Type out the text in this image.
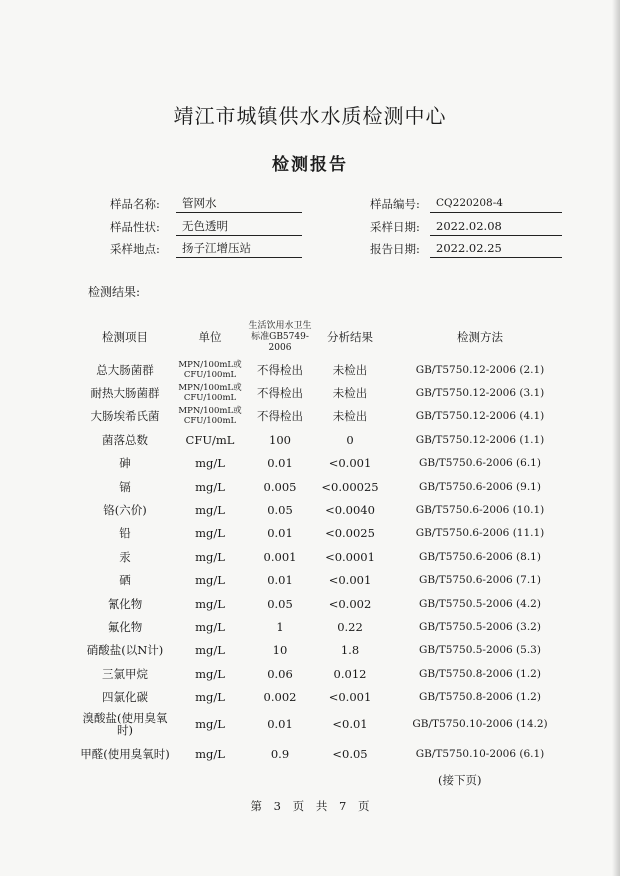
靖江市城镇供水水质检测中心
检测报告
样品名称:	管网水	样品编号:	CQ220208-4
样品性状:	无色透明	采样日期:	2022.02.08
采样地点:	扬子江增压站	报告日期:	2022.02.25
检测结果:
检测项目	单位	生活饮用水卫生标准GB5749-2006	分析结果	检测方法
总大肠菌群	MPN/100mL或CFU/100mL	不得检出	未检出	GB/T5750.12-2006 (2.1)
耐热大肠菌群	MPN/100mL或CFU/100mL	不得检出	未检出	GB/T5750.12-2006 (3.1)
大肠埃希氏菌	MPN/100mL或CFU/100mL	不得检出	未检出	GB/T5750.12-2006 (4.1)
菌落总数	CFU/mL	100	0	GB/T5750.12-2006 (1.1)
砷	mg/L	0.01	<0.001	GB/T5750.6-2006 (6.1)
镉	mg/L	0.005	<0.00025	GB/T5750.6-2006 (9.1)
铬(六价)	mg/L	0.05	<0.0040	GB/T5750.6-2006 (10.1)
铅	mg/L	0.01	<0.0025	GB/T5750.6-2006 (11.1)
汞	mg/L	0.001	<0.0001	GB/T5750.6-2006 (8.1)
硒	mg/L	0.01	<0.001	GB/T5750.6-2006 (7.1)
氰化物	mg/L	0.05	<0.002	GB/T5750.5-2006 (4.2)
氟化物	mg/L	1	0.22	GB/T5750.5-2006 (3.2)
硝酸盐(以N计)	mg/L	10	1.8	GB/T5750.5-2006 (5.3)
三氯甲烷	mg/L	0.06	0.012	GB/T5750.8-2006 (1.2)
四氯化碳	mg/L	0.002	<0.001	GB/T5750.8-2006 (1.2)
溴酸盐(使用臭氧时)	mg/L	0.01	<0.01	GB/T5750.10-2006 (14.2)
甲醛(使用臭氧时)	mg/L	0.9	<0.05	GB/T5750.10-2006 (6.1)
(接下页)
第 3 页 共 7 页
